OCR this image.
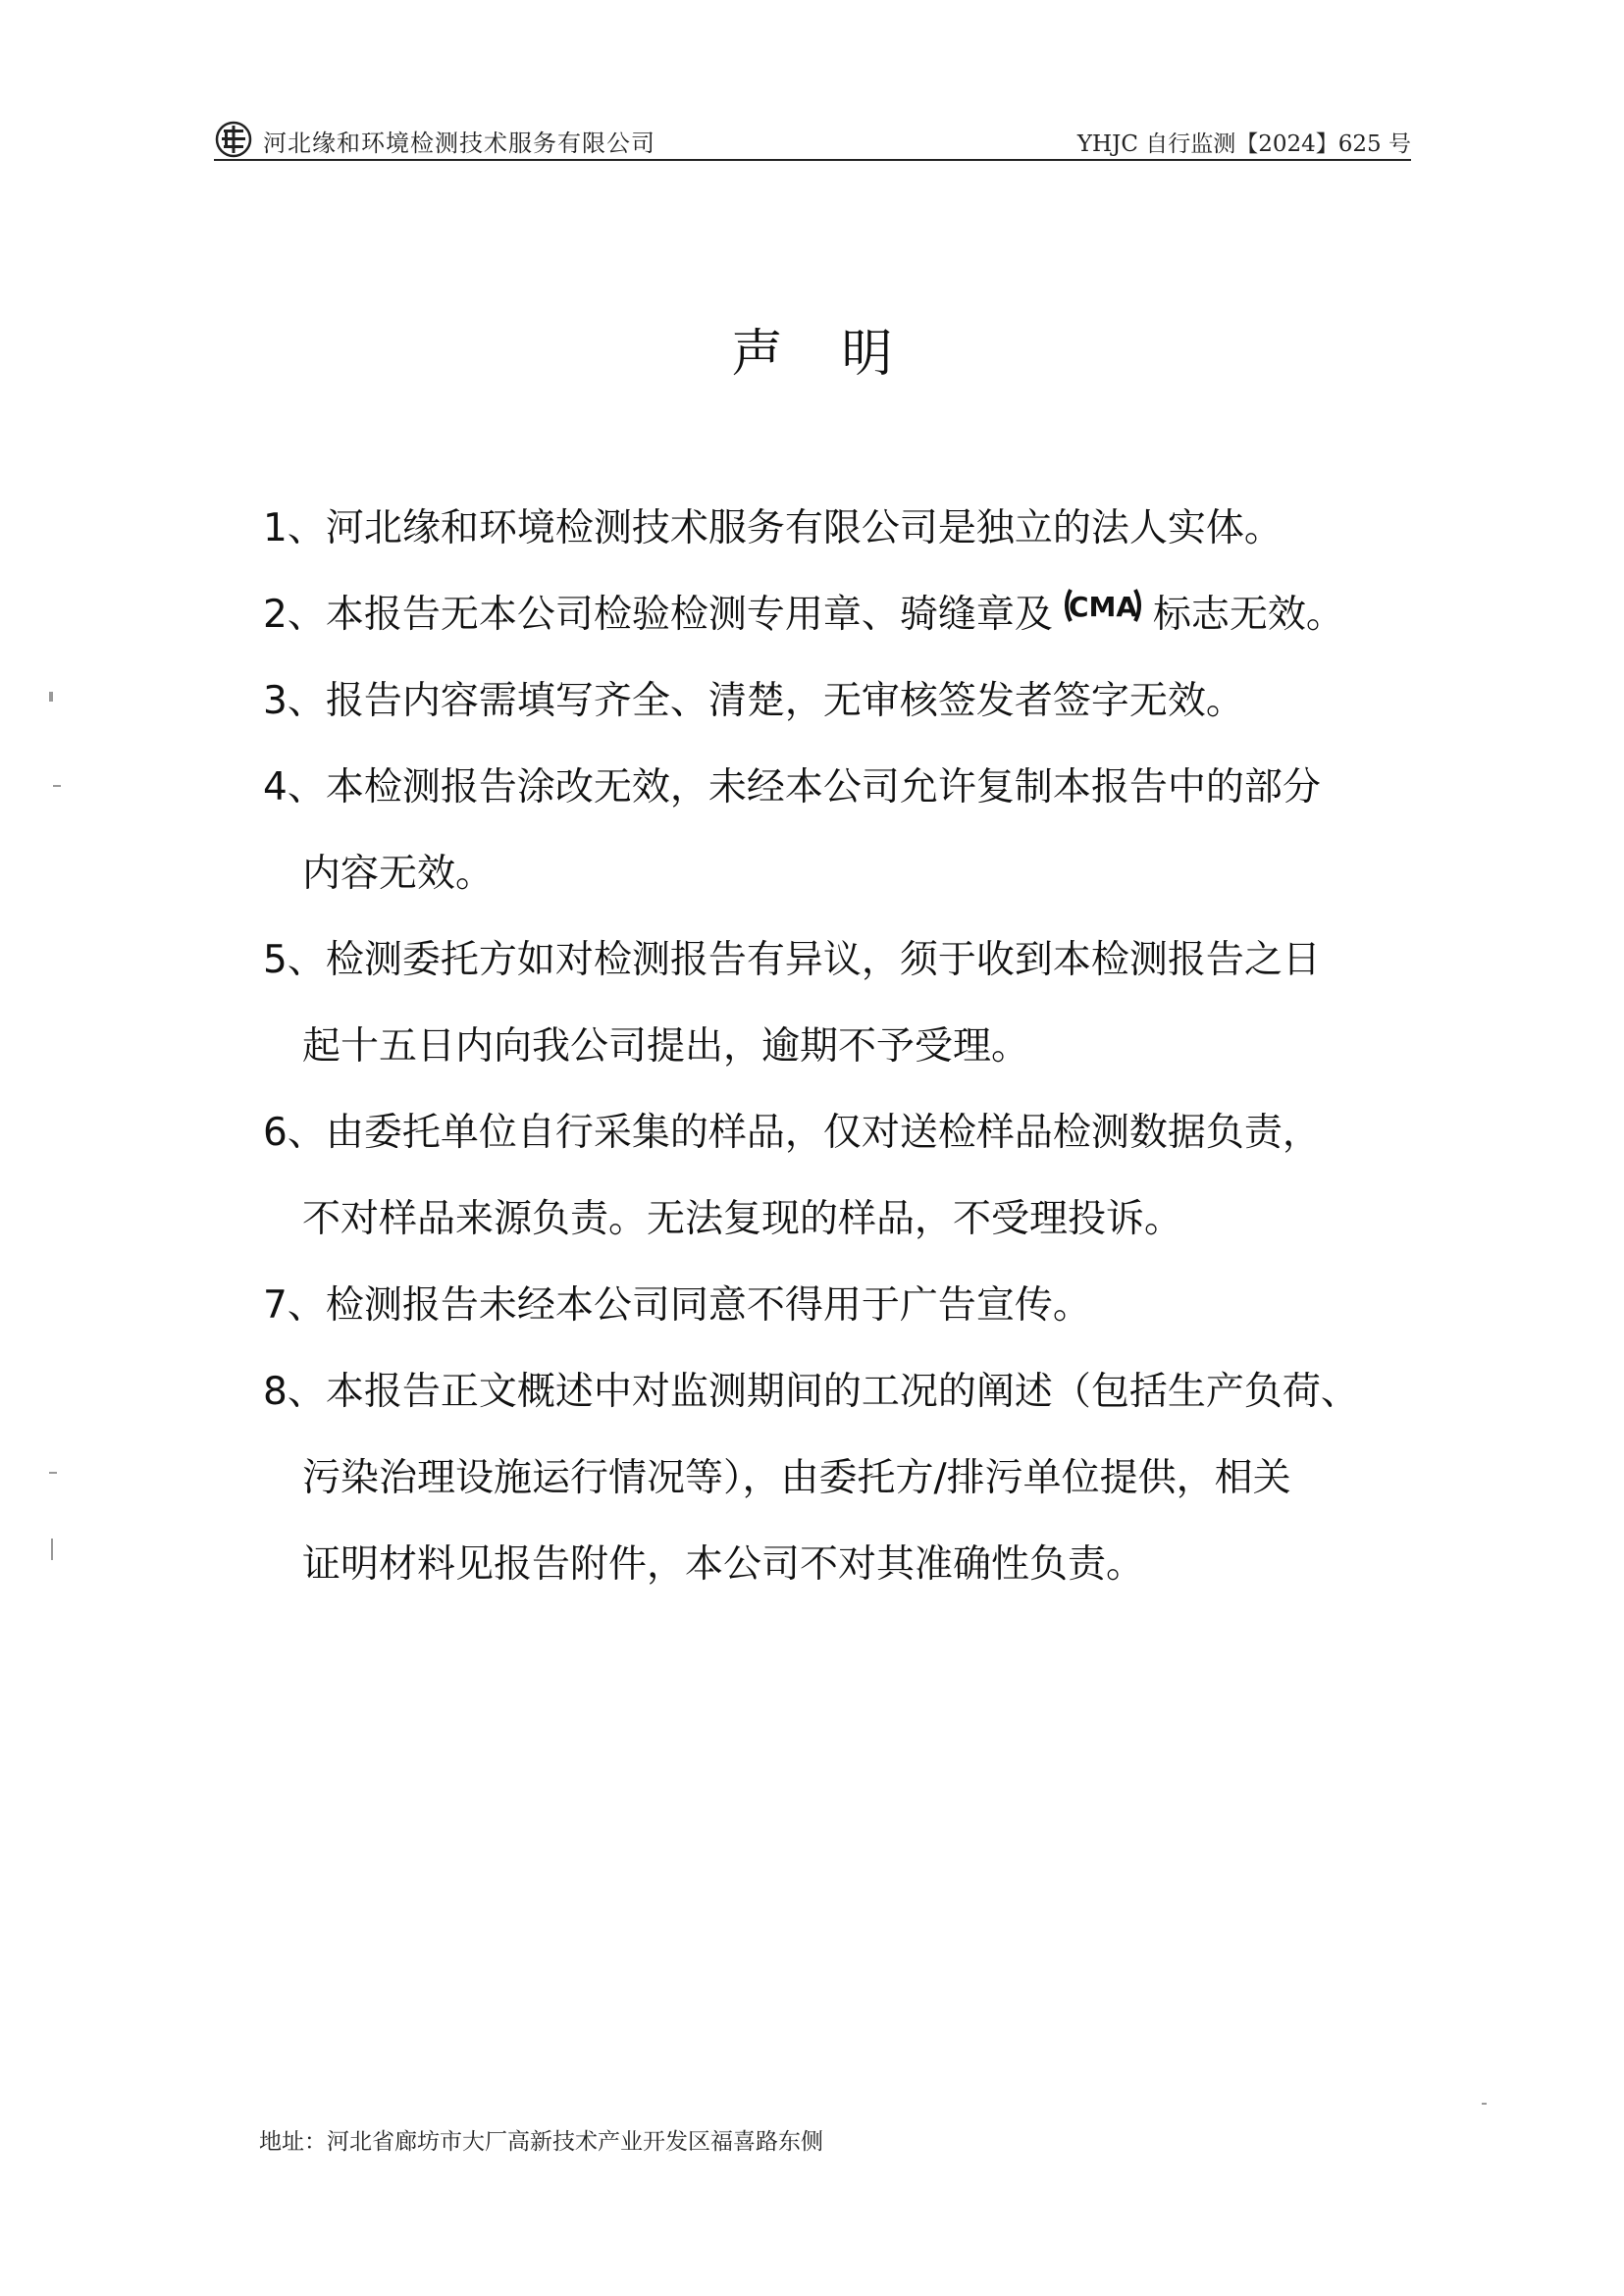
河北缘和环境检测技术服务有限公司	YHJC 自行监测【2024】625 号
声明
1、河北缘和环境检测技术服务有限公司是独立的法人实体。
2、本报告无本公司检验检测专用章、骑缝章及 CMA 标志无效。
3、报告内容需填写齐全、清楚，无审核签发者签字无效。
4、本检测报告涂改无效，未经本公司允许复制本报告中的部分
内容无效。
5、检测委托方如对检测报告有异议，须于收到本检测报告之日
起十五日内向我公司提出，逾期不予受理。
6、由委托单位自行采集的样品，仅对送检样品检测数据负责，
不对样品来源负责。无法复现的样品，不受理投诉。
7、检测报告未经本公司同意不得用于广告宣传。
8、本报告正文概述中对监测期间的工况的阐述（包括生产负荷、
污染治理设施运行情况等），由委托方/排污单位提供，相关
证明材料见报告附件，本公司不对其准确性负责。
地址：河北省廊坊市大厂高新技术产业开发区福喜路东侧
